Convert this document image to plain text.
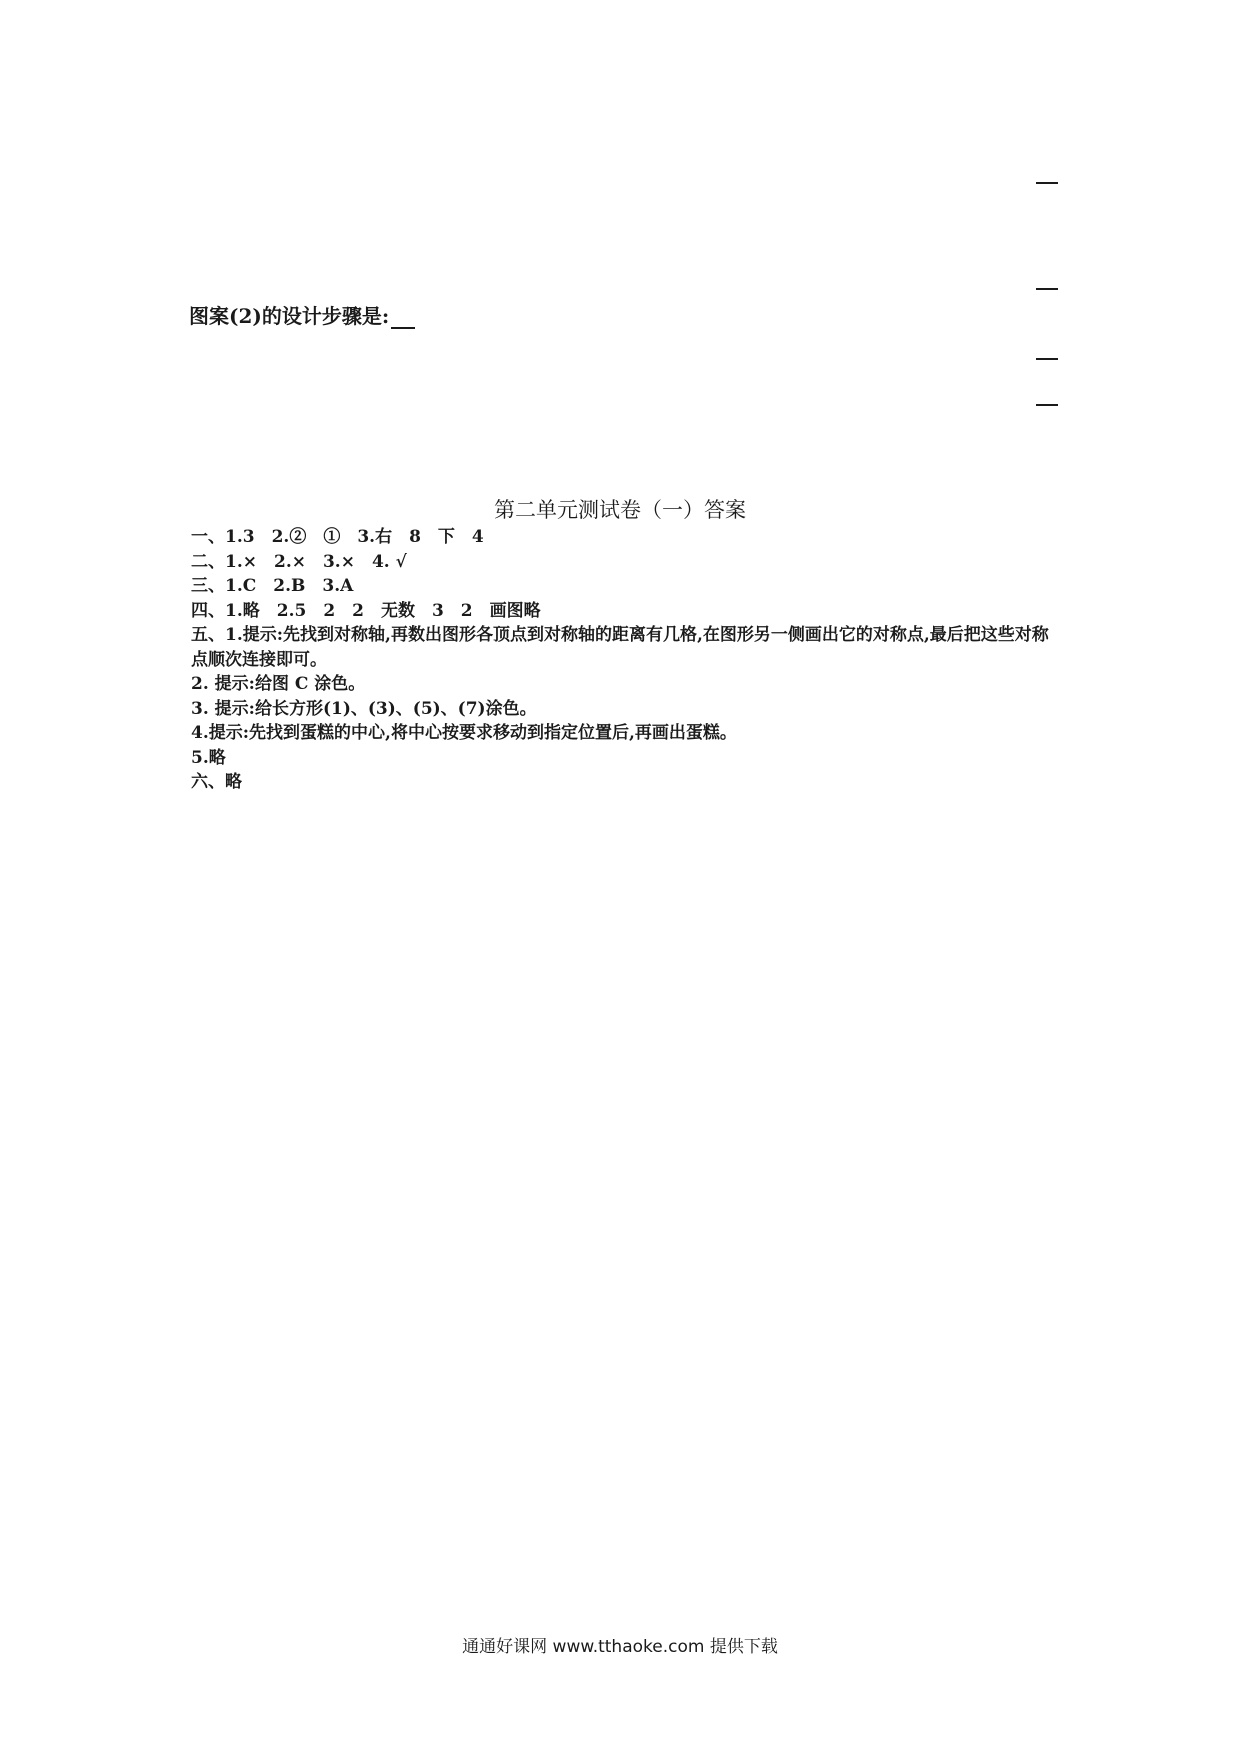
图案(2)的设计步骤是:
第二单元测试卷（一）答案
一、1.3　2.②　①　3.右　8　下　4
二、1.×　2.×　3.×　4. √
三、1.C　2.B　3.A
四、1.略　2.5　2　2　无数　3　2　画图略
五、1.提示:先找到对称轴,再数出图形各顶点到对称轴的距离有几格,在图形另一侧画出它的对称点,最后把这些对称点顺次连接即可。
2. 提示:给图 C 涂色。
3. 提示:给长方形(1)、(3)、(5)、(7)涂色。
4.提示:先找到蛋糕的中心,将中心按要求移动到指定位置后,再画出蛋糕。
5.略
六、略
通通好课网 www.tthaoke.com 提供下载
